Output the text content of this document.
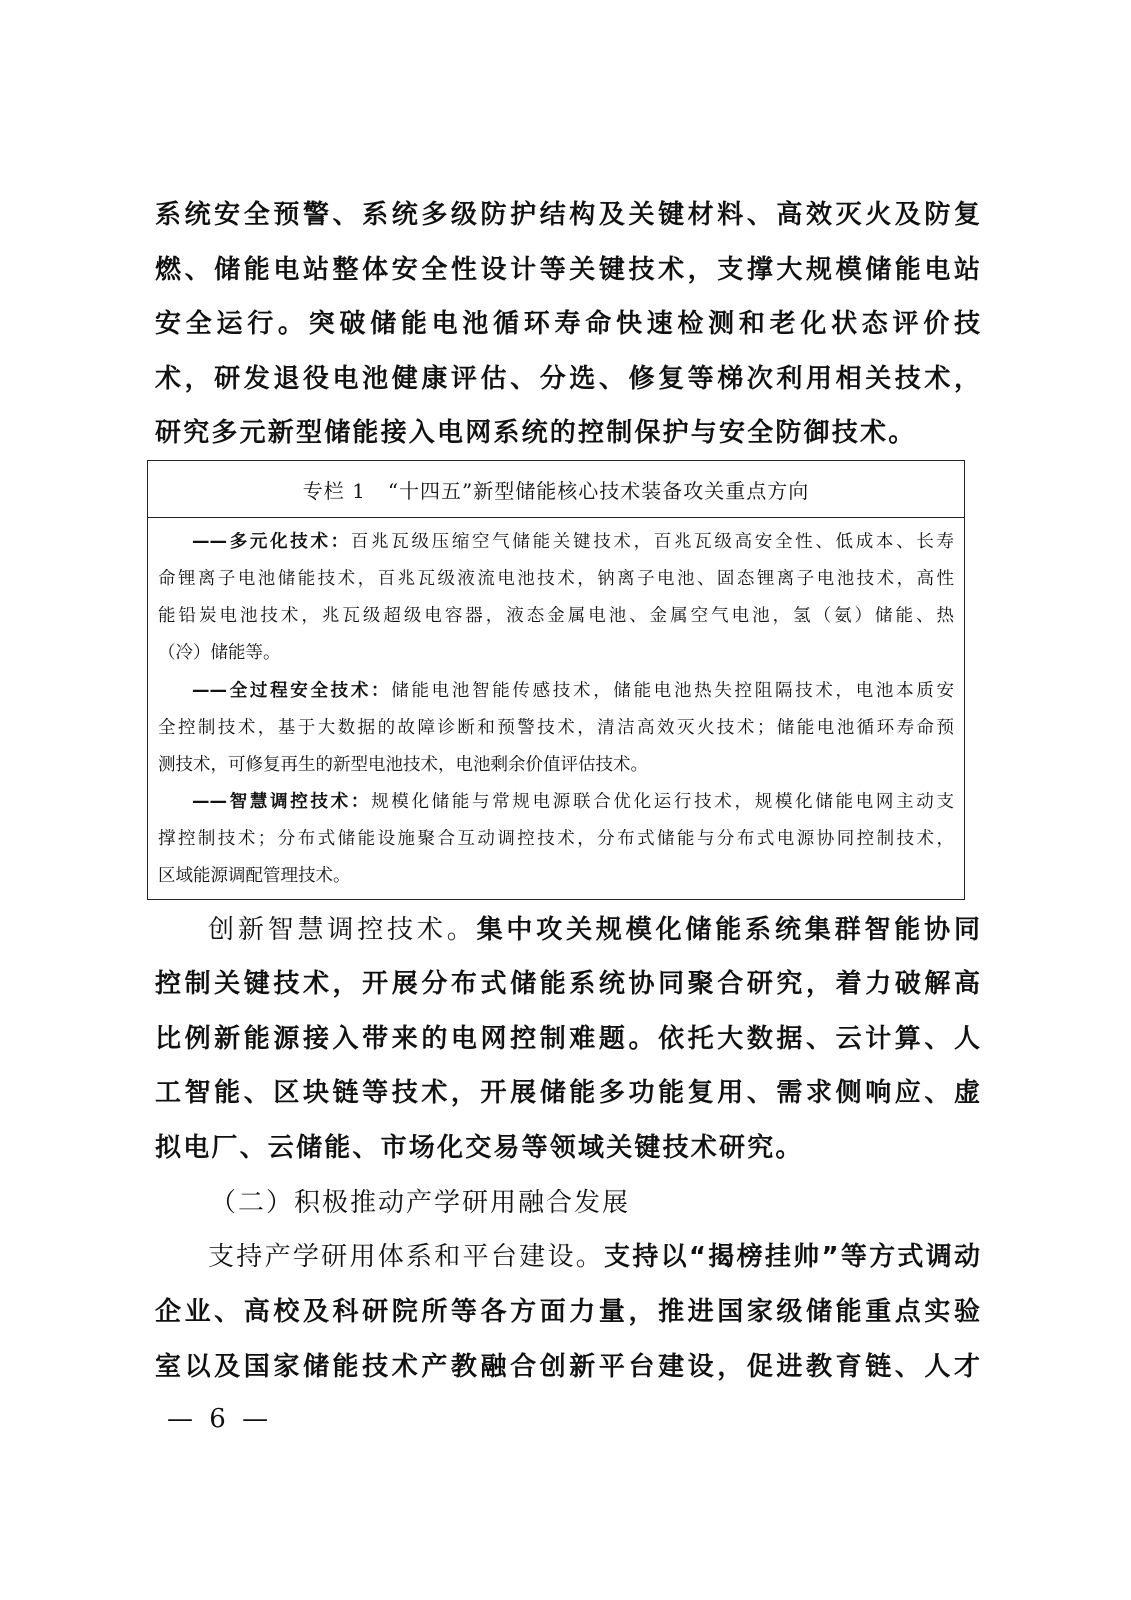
系统安全预警、系统多级防护结构及关键材料、高效灭火及防复
燃、储能电站整体安全性设计等关键技术，支撑大规模储能电站
安全运行。突破储能电池循环寿命快速检测和老化状态评价技
术，研发退役电池健康评估、分选、修复等梯次利用相关技术，
研究多元新型储能接入电网系统的控制保护与安全防御技术。
专栏 1 “十四五”新型储能核心技术装备攻关重点方向
——多元化技术：百兆瓦级压缩空气储能关键技术，百兆瓦级高安全性、低成本、长寿
命锂离子电池储能技术，百兆瓦级液流电池技术，钠离子电池、固态锂离子电池技术，高性
能铅炭电池技术，兆瓦级超级电容器，液态金属电池、金属空气电池，氢（氨）储能、热
（冷）储能等。
——全过程安全技术：储能电池智能传感技术，储能电池热失控阻隔技术，电池本质安
全控制技术，基于大数据的故障诊断和预警技术，清洁高效灭火技术；储能电池循环寿命预
测技术，可修复再生的新型电池技术，电池剩余价值评估技术。
——智慧调控技术：规模化储能与常规电源联合优化运行技术，规模化储能电网主动支
撑控制技术；分布式储能设施聚合互动调控技术，分布式储能与分布式电源协同控制技术，
区域能源调配管理技术。
创新智慧调控技术。集中攻关规模化储能系统集群智能协同
控制关键技术，开展分布式储能系统协同聚合研究，着力破解高
比例新能源接入带来的电网控制难题。依托大数据、云计算、人
工智能、区块链等技术，开展储能多功能复用、需求侧响应、虚
拟电厂、云储能、市场化交易等领域关键技术研究。
（二）积极推动产学研用融合发展
支持产学研用体系和平台建设。支持以“揭榜挂帅”等方式调动
企业、高校及科研院所等各方面力量，推进国家级储能重点实验
室以及国家储能技术产教融合创新平台建设，促进教育链、人才
— 6 —
